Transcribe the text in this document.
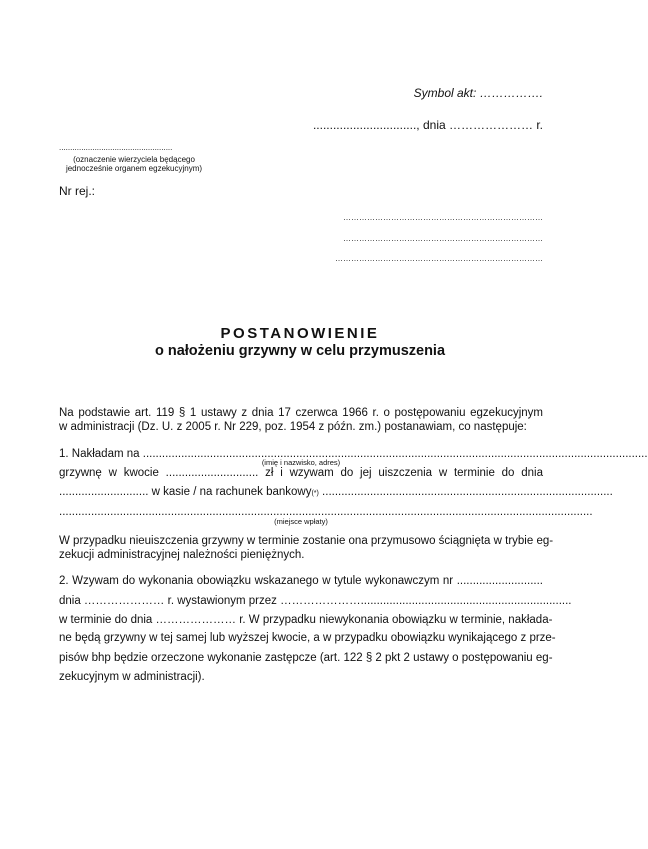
Symbol akt: …………….
..............................., dnia ………………… r.
...................................................
(oznaczenie wierzyciela będącego
jednocześnie organem egzekucyjnym)
Nr rej.:
…………………………………………………………………
…………………………………………………………………
……………………………………………………………………
POSTANOWIENIE
o nałożeniu grzywny w celu przymuszenia
Na podstawie art. 119 § 1 ustawy z dnia 17 czerwca 1966 r. o postępowaniu egzekucyjnym
w administracji (Dz. U. z 2005 r. Nr 229, poz. 1954 z późn. zm.) postanawiam, co następuje:
1. Nakładam na ..............................................................................................................................................................
(imię i nazwisko, adres)
grzywnę w kwocie ............................. zł i wzywam do jej uiszczenia w terminie do dnia
............................ w kasie / na rachunek bankowy (*) ...........................................................................................
.......................................................................................................................................................................
(miejsce wpłaty)
W przypadku nieuiszczenia grzywny w terminie zostanie ona przymusowo ściągnięta w trybie eg-
zekucji administracyjnej należności pieniężnych.
2. Wzywam do wykonania obowiązku wskazanego w tytule wykonawczym nr ...........................
dnia ………………… r. wystawionym przez …………………..................................................................
w terminie do dnia ………………… r. W przypadku niewykonania obowiązku w terminie, nakłada-
ne będą grzywny w tej samej lub wyższej kwocie, a w przypadku obowiązku wynikającego z prze-
pisów bhp będzie orzeczone wykonanie zastępcze (art. 122 § 2 pkt 2 ustawy o postępowaniu eg-
zekucyjnym w administracji).
